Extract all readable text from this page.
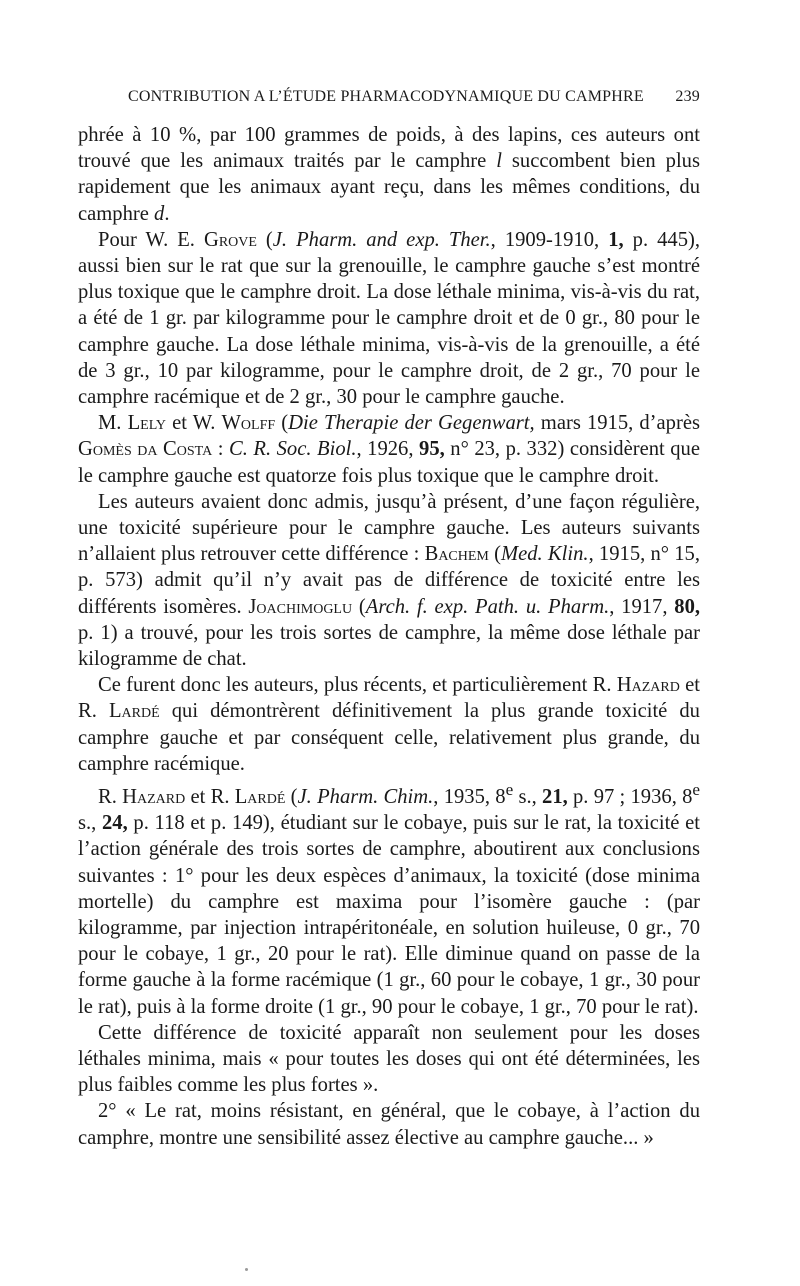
CONTRIBUTION A L’ÉTUDE PHARMACODYNAMIQUE DU CAMPHRE 239

phrée à 10 %, par 100 grammes de poids, à des lapins, ces auteurs ont trouvé que les animaux traités par le camphre l succombent bien plus rapidement que les animaux ayant reçu, dans les mêmes conditions, du camphre d.

Pour W. E. Grove (J. Pharm. and exp. Ther., 1909-1910, 1, p. 445), aussi bien sur le rat que sur la grenouille, le camphre gauche s’est montré plus toxique que le camphre droit. La dose léthale minima, vis-à-vis du rat, a été de 1 gr. par kilogramme pour le camphre droit et de 0 gr., 80 pour le camphre gauche. La dose léthale minima, vis-à-vis de la grenouille, a été de 3 gr., 10 par kilogramme, pour le camphre droit, de 2 gr., 70 pour le camphre racémique et de 2 gr., 30 pour le camphre gauche.

M. Lely et W. Wolff (Die Therapie der Gegenwart, mars 1915, d’après Gomès da Costa : C. R. Soc. Biol., 1926, 95, n° 23, p. 332) considèrent que le camphre gauche est quatorze fois plus toxique que le camphre droit.

Les auteurs avaient donc admis, jusqu’à présent, d’une façon régulière, une toxicité supérieure pour le camphre gauche. Les auteurs suivants n’allaient plus retrouver cette différence : Bachem (Med. Klin., 1915, n° 15, p. 573) admit qu’il n’y avait pas de différence de toxicité entre les différents isomères. Joachimoglu (Arch. f. exp. Path. u. Pharm., 1917, 80, p. 1) a trouvé, pour les trois sortes de camphre, la même dose léthale par kilogramme de chat.

Ce furent donc les auteurs, plus récents, et particulièrement R. Hazard et R. Lardé qui démontrèrent définitivement la plus grande toxicité du camphre gauche et par conséquent celle, relativement plus grande, du camphre racémique.

R. Hazard et R. Lardé (J. Pharm. Chim., 1935, 8e s., 21, p. 97 ; 1936, 8e s., 24, p. 118 et p. 149), étudiant sur le cobaye, puis sur le rat, la toxicité et l’action générale des trois sortes de camphre, aboutirent aux conclusions suivantes : 1° pour les deux espèces d’animaux, la toxicité (dose minima mortelle) du camphre est maxima pour l’isomère gauche : (par kilogramme, par injection intrapéritonéale, en solution huileuse, 0 gr., 70 pour le cobaye, 1 gr., 20 pour le rat). Elle diminue quand on passe de la forme gauche à la forme racémique (1 gr., 60 pour le cobaye, 1 gr., 30 pour le rat), puis à la forme droite (1 gr., 90 pour le cobaye, 1 gr., 70 pour le rat).

Cette différence de toxicité apparaît non seulement pour les doses léthales minima, mais « pour toutes les doses qui ont été déterminées, les plus faibles comme les plus fortes ».

2° « Le rat, moins résistant, en général, que le cobaye, à l’action du camphre, montre une sensibilité assez élective au camphre gauche... »
